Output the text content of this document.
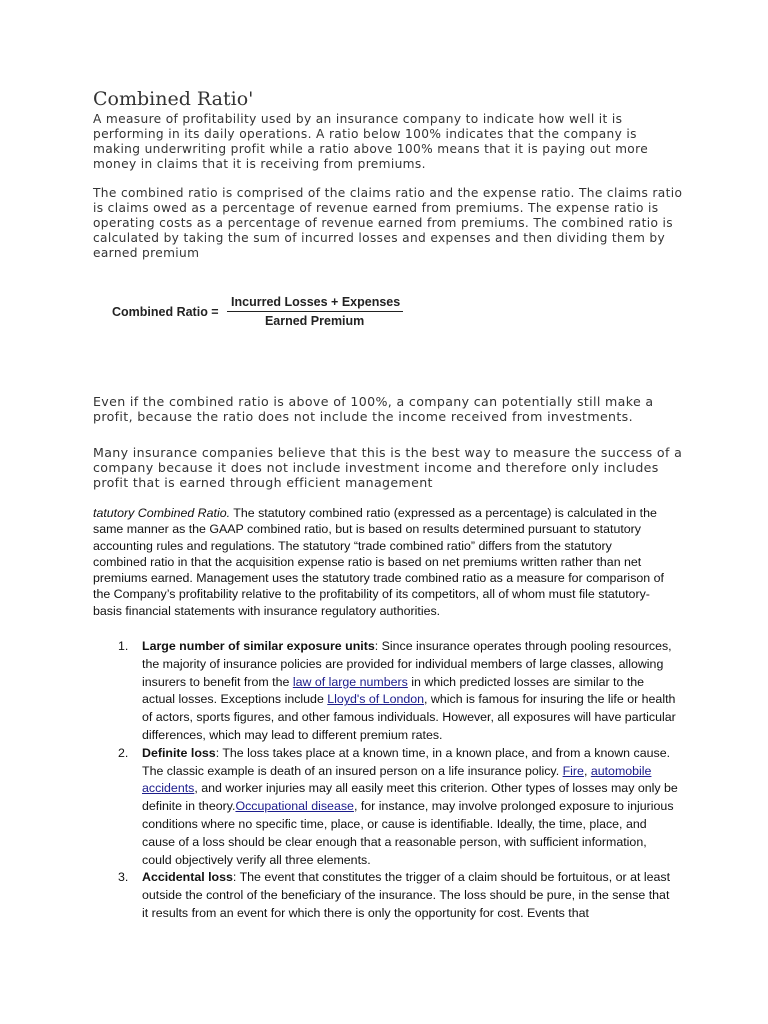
Combined Ratio'

A measure of profitability used by an insurance company to indicate how well it is performing in its daily operations. A ratio below 100% indicates that the company is making underwriting profit while a ratio above 100% means that it is paying out more money in claims that it is receiving from premiums.

The combined ratio is comprised of the claims ratio and the expense ratio. The claims ratio is claims owed as a percentage of revenue earned from premiums. The expense ratio is operating costs as a percentage of revenue earned from premiums. The combined ratio is calculated by taking the sum of incurred losses and expenses and then dividing them by earned premium

Combined Ratio = $\frac{\text{Incurred Losses + Expenses}}{\text{Earned Premium}}$

Even if the combined ratio is above of 100%, a company can potentially still make a profit, because the ratio does not include the income received from investments.

Many insurance companies believe that this is the best way to measure the success of a company because it does not include investment income and therefore only includes profit that is earned through efficient management

tatutory Combined Ratio. The statutory combined ratio (expressed as a percentage) is calculated in the same manner as the GAAP combined ratio, but is based on results determined pursuant to statutory accounting rules and regulations. The statutory “trade combined ratio” differs from the statutory combined ratio in that the acquisition expense ratio is based on net premiums written rather than net premiums earned. Management uses the statutory trade combined ratio as a measure for comparison of the Company’s profitability relative to the profitability of its competitors, all of whom must file statutory-basis financial statements with insurance regulatory authorities.

1. Large number of similar exposure units: Since insurance operates through pooling resources, the majority of insurance policies are provided for individual members of large classes, allowing insurers to benefit from the law of large numbers in which predicted losses are similar to the actual losses. Exceptions include Lloyd's of London, which is famous for insuring the life or health of actors, sports figures, and other famous individuals. However, all exposures will have particular differences, which may lead to different premium rates.
2. Definite loss: The loss takes place at a known time, in a known place, and from a known cause. The classic example is death of an insured person on a life insurance policy. Fire, automobile accidents, and worker injuries may all easily meet this criterion. Other types of losses may only be definite in theory.Occupational disease, for instance, may involve prolonged exposure to injurious conditions where no specific time, place, or cause is identifiable. Ideally, the time, place, and cause of a loss should be clear enough that a reasonable person, with sufficient information, could objectively verify all three elements.
3. Accidental loss: The event that constitutes the trigger of a claim should be fortuitous, or at least outside the control of the beneficiary of the insurance. The loss should be pure, in the sense that it results from an event for which there is only the opportunity for cost. Events that
